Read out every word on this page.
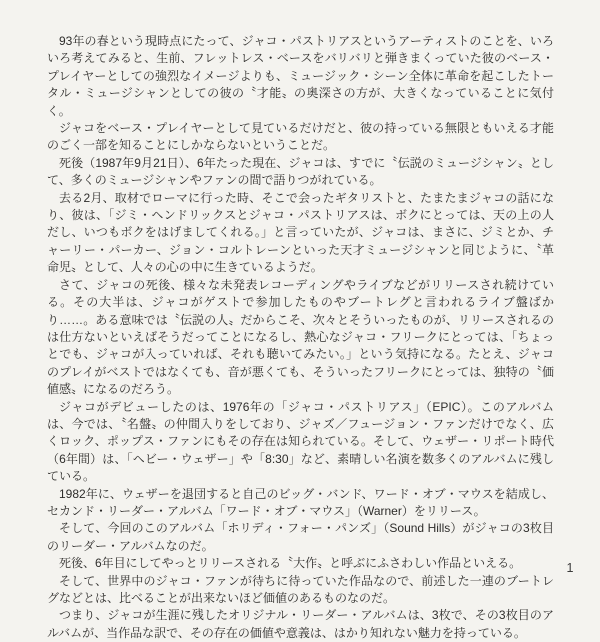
93年の春という現時点にたって、ジャコ・パストリアスというアーティストのことを、いろいろ考えてみると、生前、フレットレス・ベースをバリバリと弾きまくっていた彼のベース・プレイヤーとしての強烈なイメージよりも、ミュージック・シーン全体に革命を起こしたトータル・ミュージシャンとしての彼の〝才能〟の奥深さの方が、大きくなっていることに気付く。

ジャコをベース・プレイヤーとして見ているだけだと、彼の持っている無限ともいえる才能のごく一部を知ることにしかならないということだ。

死後（1987年9月21日）、6年たった現在、ジャコは、すでに〝伝説のミュージシャン〟として、多くのミュージシャンやファンの間で語りつがれている。

去る2月、取材でローマに行った時、そこで会ったギタリストと、たまたまジャコの話になり、彼は、「ジミ・ヘンドリックスとジャコ・パストリアスは、ボクにとっては、天の上の人だし、いつもボクをはげましてくれる。」と言っていたが、ジャコは、まさに、ジミとか、チャーリー・パーカー、ジョン・コルトレーンといった天才ミュージシャンと同じように、〝革命児〟として、人々の心の中に生きているようだ。

さて、ジャコの死後、様々な未発表レコーディングやライブなどがリリースされ続けている。その大半は、ジャコがゲストで参加したものやブートレグと言われるライブ盤ばかり……。ある意味では〝伝説の人〟だからこそ、次々とそういったものが、リリースされるのは仕方ないといえばそうだってことになるし、熱心なジャコ・フリークにとっては、「ちょっとでも、ジャコが入っていれば、それも聴いてみたい。」という気持になる。たとえ、ジャコのプレイがベストではなくても、音が悪くても、そういったフリークにとっては、独特の〝価値感〟になるのだろう。

ジャコがデビューしたのは、1976年の「ジャコ・パストリアス」（EPIC）。このアルバムは、今では、〝名盤〟の仲間入りをしており、ジャズ／フュージョン・ファンだけでなく、広くロック、ポップス・ファンにもその存在は知られている。そして、ウェザー・リポート時代（6年間）は、「ヘビー・ウェザー」や「8:30」など、素晴しい名演を数多くのアルバムに残している。

1982年に、ウェザーを退団すると自己のビッグ・バンド、ワード・オブ・マウスを結成し、セカンド・リーダー・アルバム「ワード・オブ・マウス」（Warner）をリリース。

そして、今回のこのアルバム「ホリディ・フォー・パンズ」（Sound Hills）がジャコの3枚目のリーダー・アルバムなのだ。

死後、6年目にしてやっとリリースされる〝大作〟と呼ぶにふさわしい作品といえる。

そして、世界中のジャコ・ファンが待ちに待っていた作品なので、前述した一連のブートレグなどとは、比べることが出来ないほど価値のあるものなのだ。

つまり、ジャコが生涯に残したオリジナル・リーダー・アルバムは、3枚で、その3枚目のアルバムが、当作品な訳で、その存在の価値や意義は、はかり知れない魅力を持っている。

1
